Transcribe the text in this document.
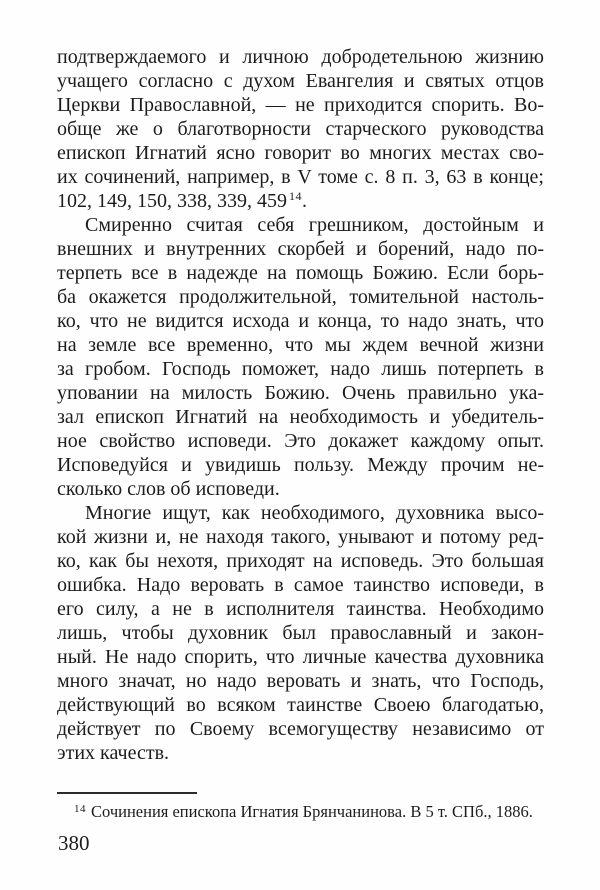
подтверждаемого и личною добродетельною жизнию
учащего согласно с духом Евангелия и святых отцов
Церкви Православной, — не приходится спорить. Во-
обще же о благотворности старческого руководства
епископ Игнатий ясно говорит во многих местах сво-
их сочинений, например, в V томе с. 8 п. 3, 63 в конце;
102, 149, 150, 338, 339, 459 $^{14}$.
Смиренно считая себя грешником, достойным и
внешних и внутренних скорбей и борений, надо по-
терпеть все в надежде на помощь Божию. Если борь-
ба окажется продолжительной, томительной настоль-
ко, что не видится исхода и конца, то надо знать, что
на земле все временно, что мы ждем вечной жизни
за гробом. Господь поможет, надо лишь потерпеть в
уповании на милость Божию. Очень правильно ука-
зал епископ Игнатий на необходимость и убедитель-
ное свойство исповеди. Это докажет каждому опыт.
Исповедуйся и увидишь пользу. Между прочим не-
сколько слов об исповеди.
Многие ищут, как необходимого, духовника высо-
кой жизни и, не находя такого, унывают и потому ред-
ко, как бы нехотя, приходят на исповедь. Это большая
ошибка. Надо веровать в самое таинство исповеди, в
его силу, а не в исполнителя таинства. Необходимо
лишь, чтобы духовник был православный и закон-
ный. Не надо спорить, что личные качества духовника
много значат, но надо веровать и знать, что Господь,
действующий во всяком таинстве Своею благодатью,
действует по Своему всемогуществу независимо от
этих качеств.
$^{14}$ Сочинения епископа Игнатия Брянчанинова. В 5 т. СПб., 1886.
380
